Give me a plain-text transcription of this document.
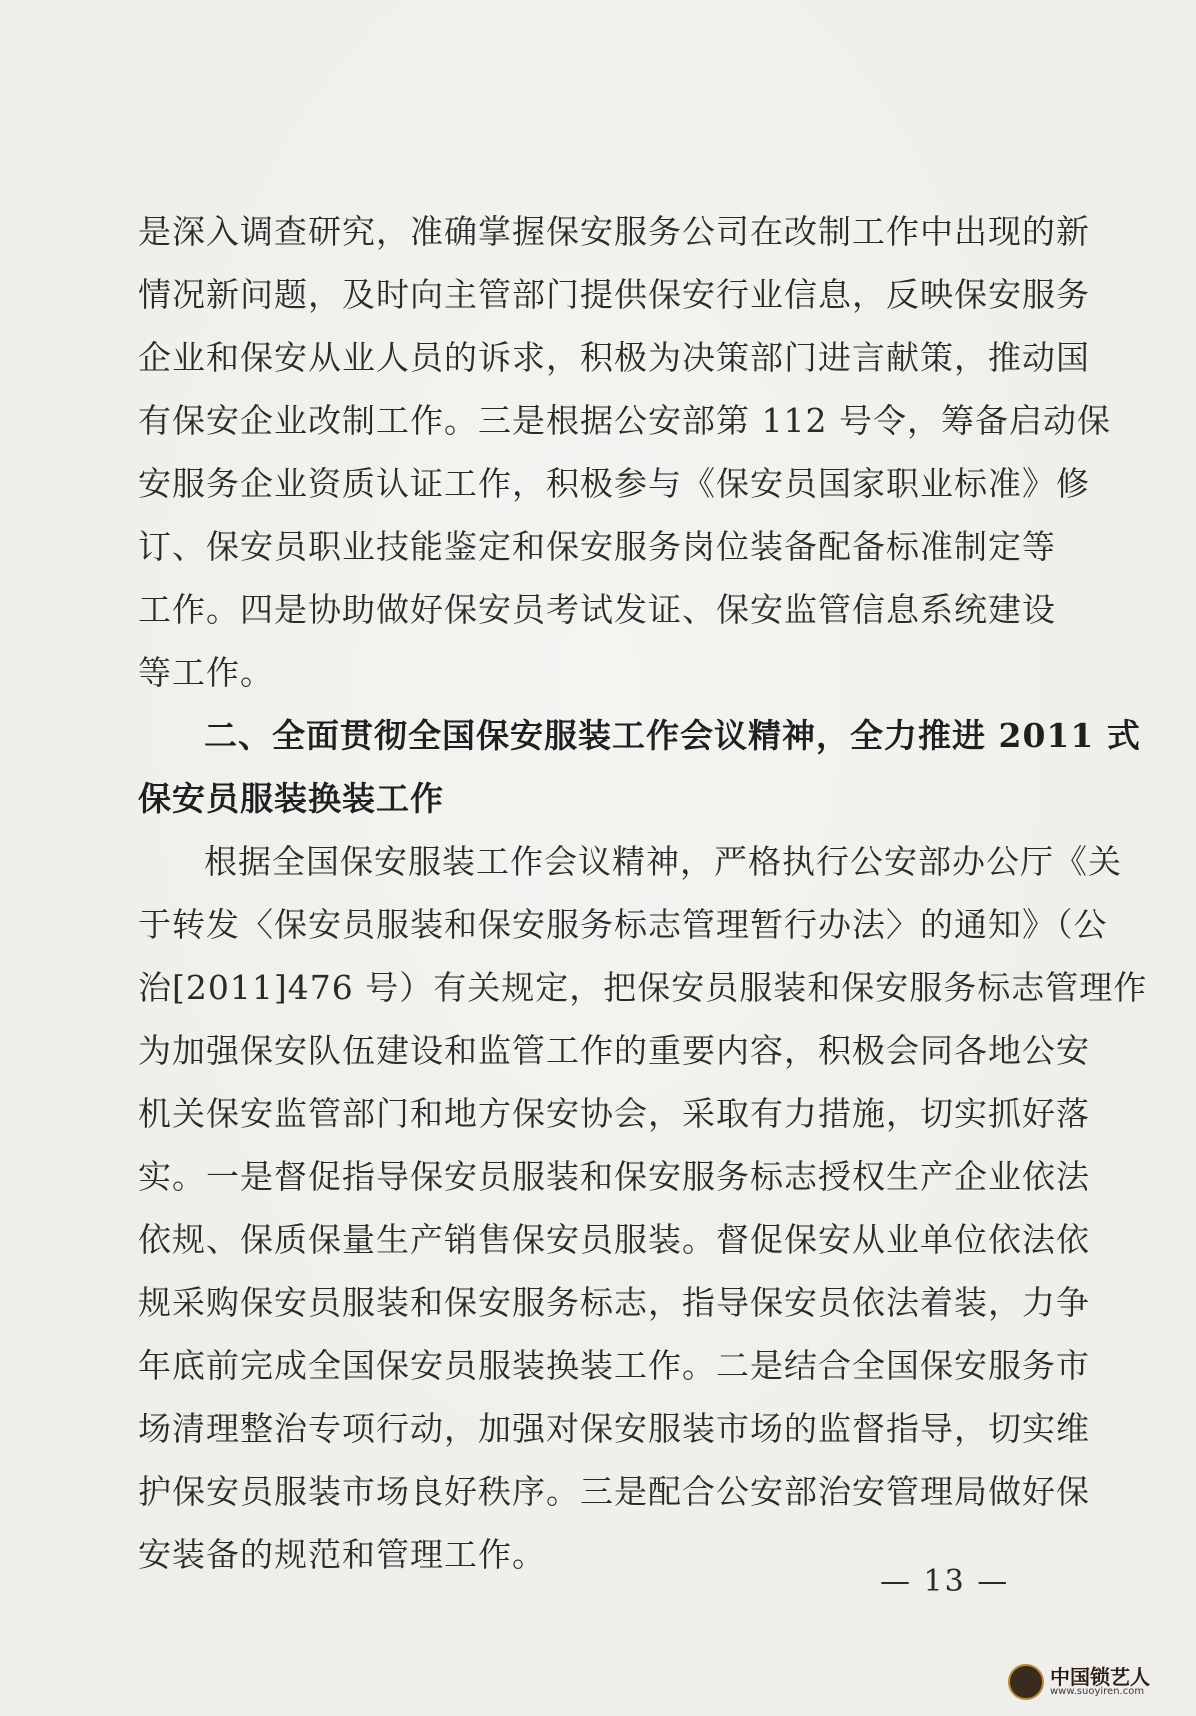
是深入调查研究，准确掌握保安服务公司在改制工作中出现的新
情况新问题，及时向主管部门提供保安行业信息，反映保安服务
企业和保安从业人员的诉求，积极为决策部门进言献策，推动国
有保安企业改制工作。三是根据公安部第 112 号令，筹备启动保
安服务企业资质认证工作，积极参与《保安员国家职业标准》修
订、保安员职业技能鉴定和保安服务岗位装备配备标准制定等
工作。四是协助做好保安员考试发证、保安监管信息系统建设
等工作。
二、全面贯彻全国保安服装工作会议精神，全力推进 2011 式
保安员服装换装工作
根据全国保安服装工作会议精神，严格执行公安部办公厅《关
于转发〈保安员服装和保安服务标志管理暂行办法〉的通知》（公
治[2011]476 号）有关规定，把保安员服装和保安服务标志管理作
为加强保安队伍建设和监管工作的重要内容，积极会同各地公安
机关保安监管部门和地方保安协会，采取有力措施，切实抓好落
实。一是督促指导保安员服装和保安服务标志授权生产企业依法
依规、保质保量生产销售保安员服装。督促保安从业单位依法依
规采购保安员服装和保安服务标志，指导保安员依法着装，力争
年底前完成全国保安员服装换装工作。二是结合全国保安服务市
场清理整治专项行动，加强对保安服装市场的监督指导，切实维
护保安员服装市场良好秩序。三是配合公安部治安管理局做好保
安装备的规范和管理工作。
— 13 —
中国锁艺人
www.suoyiren.com
